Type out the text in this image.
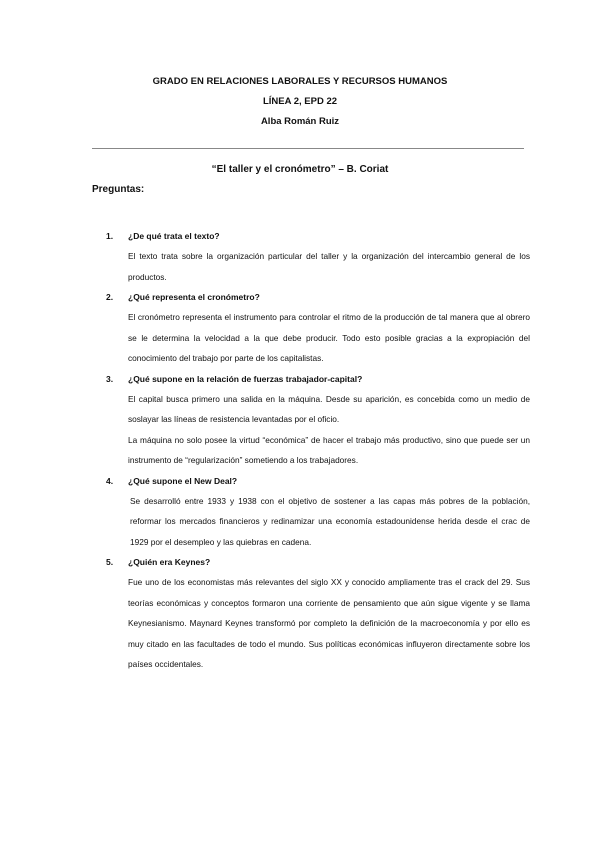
GRADO EN RELACIONES LABORALES Y RECURSOS HUMANOS
LÍNEA 2, EPD 22
Alba Román Ruiz
“El taller y el cronómetro” – B. Coriat
Preguntas:
1. ¿De qué trata el texto?

El texto trata sobre la organización particular del taller y la organización del intercambio general de los productos.

2. ¿Qué representa el cronómetro?

El cronómetro representa el instrumento para controlar el ritmo de la producción de tal manera que al obrero se le determina la velocidad a la que debe producir. Todo esto posible gracias a la expropiación del conocimiento del trabajo por parte de los capitalistas.

3. ¿Qué supone en la relación de fuerzas trabajador-capital?

El capital busca primero una salida en la máquina. Desde su aparición, es concebida como un medio de soslayar las líneas de resistencia levantadas por el oficio.

La máquina no solo posee la virtud “económica” de hacer el trabajo más productivo, sino que puede ser un instrumento de “regularización” sometiendo a los trabajadores.

4. ¿Qué supone el New Deal?

Se desarrolló entre 1933 y 1938 con el objetivo de sostener a las capas más pobres de la población, reformar los mercados financieros y redinamizar una economía estadounidense herida desde el crac de 1929 por el desempleo y las quiebras en cadena.

5. ¿Quién era Keynes?

Fue uno de los economistas más relevantes del siglo XX y conocido ampliamente tras el crack del 29. Sus teorías económicas y conceptos formaron una corriente de pensamiento que aún sigue vigente y se llama Keynesianismo. Maynard Keynes transformó por completo la definición de la macroeconomía y por ello es muy citado en las facultades de todo el mundo. Sus políticas económicas influyeron directamente sobre los países occidentales.
